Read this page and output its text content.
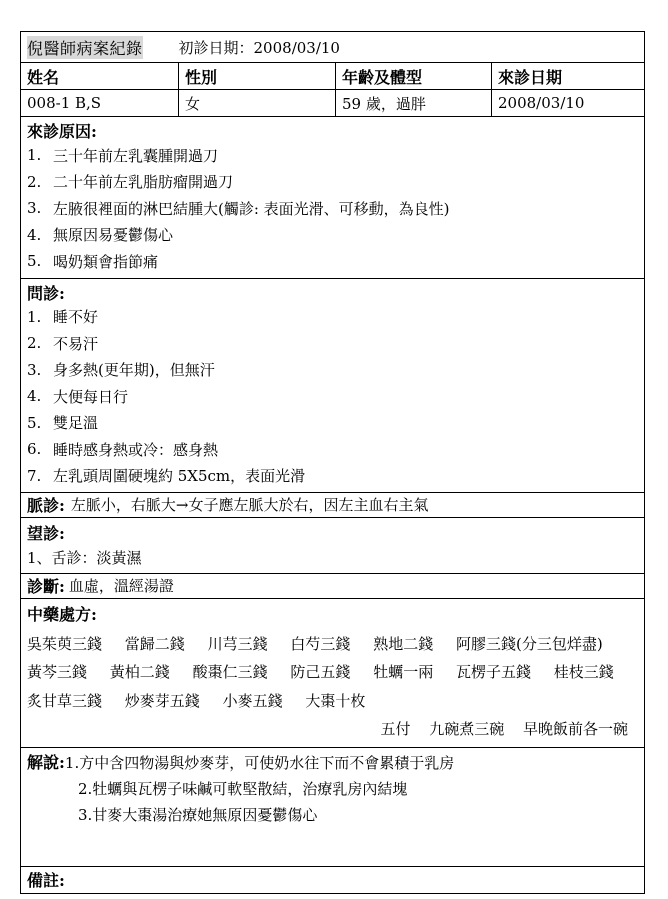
倪醫師病案紀錄 初診日期：2008/03/10
姓名	性別	年齡及體型	來診日期
008-1 B,S	女	59 歲，過胖	2008/03/10
來診原因:
1. 三十年前左乳囊腫開過刀
2. 二十年前左乳脂肪瘤開過刀
3. 左腋很裡面的淋巴結腫大(觸診: 表面光滑、可移動，為良性)
4. 無原因易憂鬱傷心
5. 喝奶類會指節痛
問診:
1. 睡不好
2. 不易汗
3. 身多熱(更年期)，但無汗
4. 大便每日行
5. 雙足溫
6. 睡時感身熱或冷：感身熱
7. 左乳頭周圍硬塊約 5X5cm，表面光滑
脈診: 左脈小，右脈大→女子應左脈大於右，因左主血右主氣
望診:
1、舌診：淡黃濕
診斷: 血虛，溫經湯證
中藥處方:
吳茱萸三錢 當歸二錢 川芎三錢 白芍三錢 熟地二錢 阿膠三錢(分三包烊盡) 黃芩三錢 黃柏二錢 酸棗仁三錢 防己五錢 牡蠣一兩 瓦楞子五錢 桂枝三錢 炙甘草三錢 炒麥芽五錢 小麥五錢 大棗十枚
五付 九碗煮三碗 早晚飯前各一碗
解說: 1.方中含四物湯與炒麥芽，可使奶水往下而不會累積于乳房
2.牡蠣與瓦楞子味鹹可軟堅散結，治療乳房內結塊
3.甘麥大棗湯治療她無原因憂鬱傷心
備註:
